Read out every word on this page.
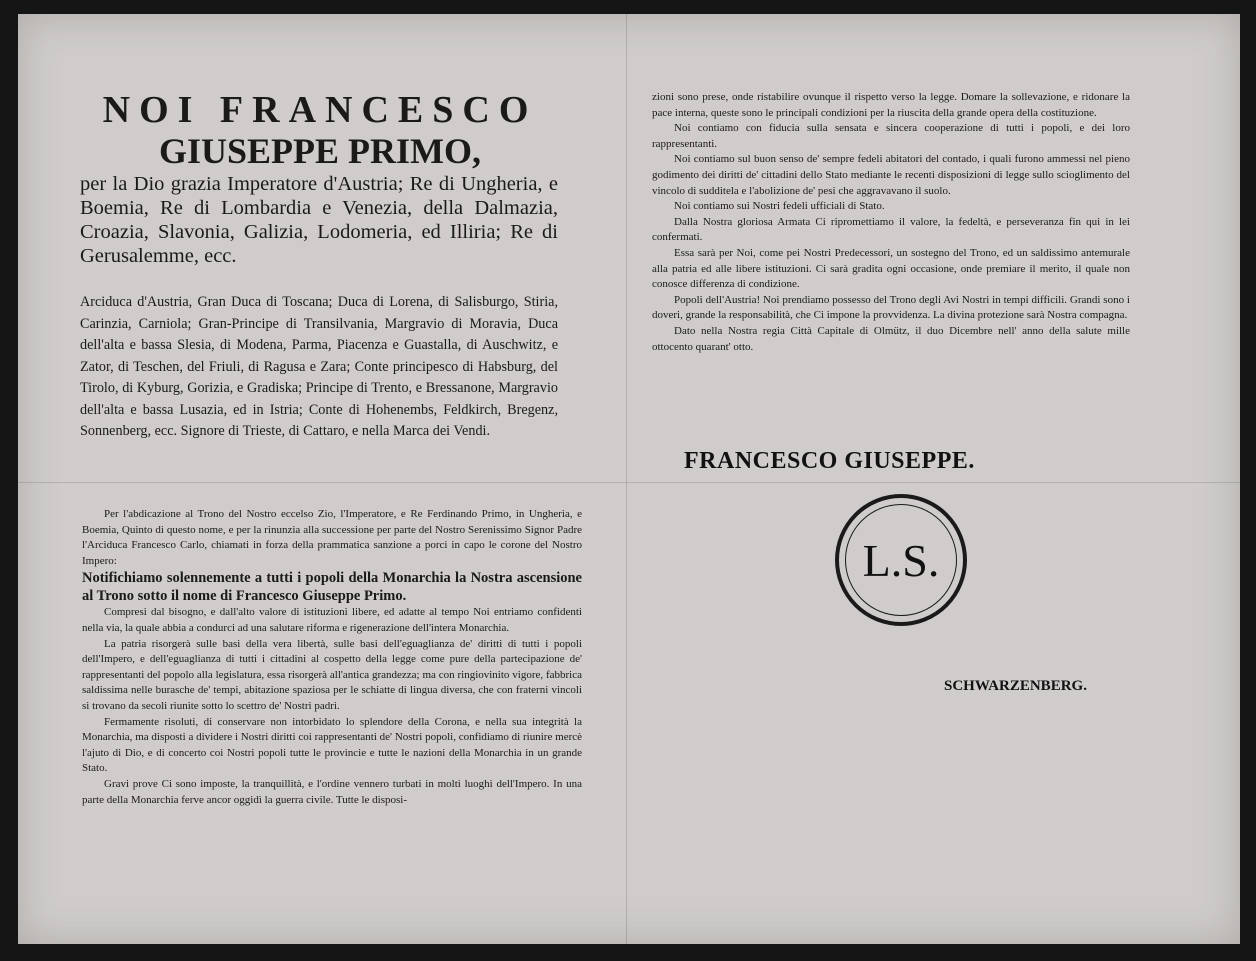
NOI FRANCESCO
GIUSEPPE PRIMO,
per la Dio grazia Imperatore d'Austria; Re di Ungheria, e Boemia, Re di Lombardia e Venezia, della Dalmazia, Croazia, Slavonia, Galizia, Lodomeria, ed Illiria; Re di Gerusalemme, ecc.
Arciduca d'Austria, Gran Duca di Toscana; Duca di Lorena, di Salisburgo, Stiria, Carinzia, Carniola; Gran-Principe di Transilvania, Margravio di Moravia, Duca dell'alta e bassa Slesia, di Modena, Parma, Piacenza e Guastalla, di Auschwitz, e Zator, di Teschen, del Friuli, di Ragusa e Zara; Conte principesco di Habsburg, del Tirolo, di Kyburg, Gorizia, e Gradiska; Principe di Trento, e Bressanone, Margravio dell'alta e bassa Lusazia, ed in Istria; Conte di Hohenembs, Feldkirch, Bregenz, Sonnenberg, ecc. Signore di Trieste, di Cattaro, e nella Marca dei Vendi.

Per l'abdicazione al Trono del Nostro eccelso Zio, l'Imperatore, e Re Ferdinando Primo, in Ungheria, e Boemia, Quinto di questo nome, e per la rinunzia alla successione per parte del Nostro Serenissimo Signor Padre l'Arciduca Francesco Carlo, chiamati in forza della prammatica sanzione a porci in capo le corone del Nostro Impero:

Notifichiamo solennemente a tutti i popoli della Monarchia la Nostra ascensione al Trono sotto il nome di Francesco Giuseppe Primo.

Compresi dal bisogno, e dall'alto valore di istituzioni libere, ed adatte al tempo Noi entriamo confidenti nella via, la quale abbia a condurci ad una salutare riforma e rigenerazione dell'intera Monarchia.

La patria risorgerà sulle basi della vera libertà, sulle basi dell'eguaglianza de' diritti di tutti i popoli dell'Impero, e dell'eguaglianza di tutti i cittadini al cospetto della legge come pure della partecipazione de' rappresentanti del popolo alla legislatura, essa risorgerà all'antica grandezza; ma con ringiovinito vigore, fabbrica saldissima nelle burasche de' tempi, abitazione spaziosa per le schiatte di lingua diversa, che con fraterni vincoli si trovano da secoli riunite sotto lo scettro de' Nostri padri.

Fermamente risoluti, di conservare non intorbidato lo splendore della Corona, e nella sua integrità la Monarchia, ma disposti a dividere i Nostri diritti coi rappresentanti de' Nostri popoli, confidiamo di riunire mercè l'ajuto di Dio, e di concerto coi Nostri popoli tutte le provincie e tutte le nazioni della Monarchia in un grande Stato.

Gravi prove Ci sono imposte, la tranquillità, e l'ordine vennero turbati in molti luoghi dell'Impero. In una parte della Monarchia ferve ancor oggidì la guerra civile. Tutte le disposi-

zioni sono prese, onde ristabilire ovunque il rispetto verso la legge. Domare la sollevazione, e ridonare la pace interna, queste sono le principali condizioni per la riuscita della grande opera della costituzione.

Noi contiamo con fiducia sulla sensata e sincera cooperazione di tutti i popoli, e dei loro rappresentanti.

Noi contiamo sul buon senso de' sempre fedeli abitatori del contado, i quali furono ammessi nel pieno godimento dei diritti de' cittadini dello Stato mediante le recenti disposizioni di legge sullo scioglimento del vincolo di sudditela e l'abolizione de' pesi che aggravavano il suolo.

Noi contiamo sui Nostri fedeli ufficiali di Stato.

Dalla Nostra gloriosa Armata Ci ripromettiamo il valore, la fedeltà, e perseveranza fin qui in lei confermati.

Essa sarà per Noi, come pei Nostri Predecessori, un sostegno del Trono, ed un saldissimo antemurale alla patria ed alle libere istituzioni. Ci sarà gradita ogni occasione, onde premiare il merito, il quale non conosce differenza di condizione.

Popoli dell'Austria! Noi prendiamo possesso del Trono degli Avi Nostri in tempi difficili. Grandi sono i doveri, grande la responsabilità, che Ci impone la provvidenza. La divina protezione sarà Nostra compagna.

Dato nella Nostra regia Città Capitale di Olmütz, il duo Dicembre nell' anno della salute mille ottocento quarant' otto.

FRANCESCO GIUSEPPE.
L.S.
SCHWARZENBERG.
